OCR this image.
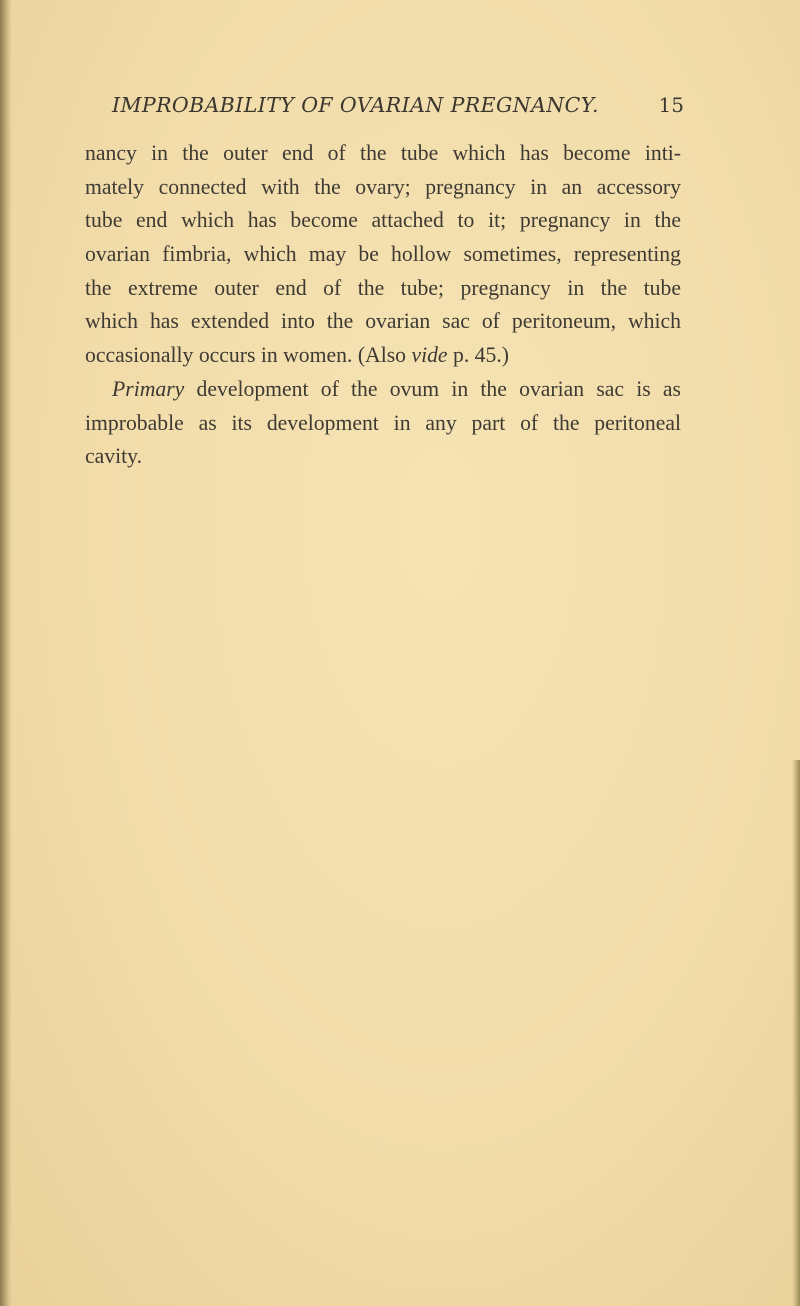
IMPROBABILITY OF OVARIAN PREGNANCY.	15
nancy in the outer end of the tube which has become inti-
mately connected with the ovary; pregnancy in an accessory
tube end which has become attached to it; pregnancy in the
ovarian fimbria, which may be hollow sometimes, representing
the extreme outer end of the tube; pregnancy in the tube
which has extended into the ovarian sac of peritoneum, which
occasionally occurs in women. (Also vide p. 45.)
Primary development of the ovum in the ovarian sac is as
improbable as its development in any part of the peritoneal
cavity.
